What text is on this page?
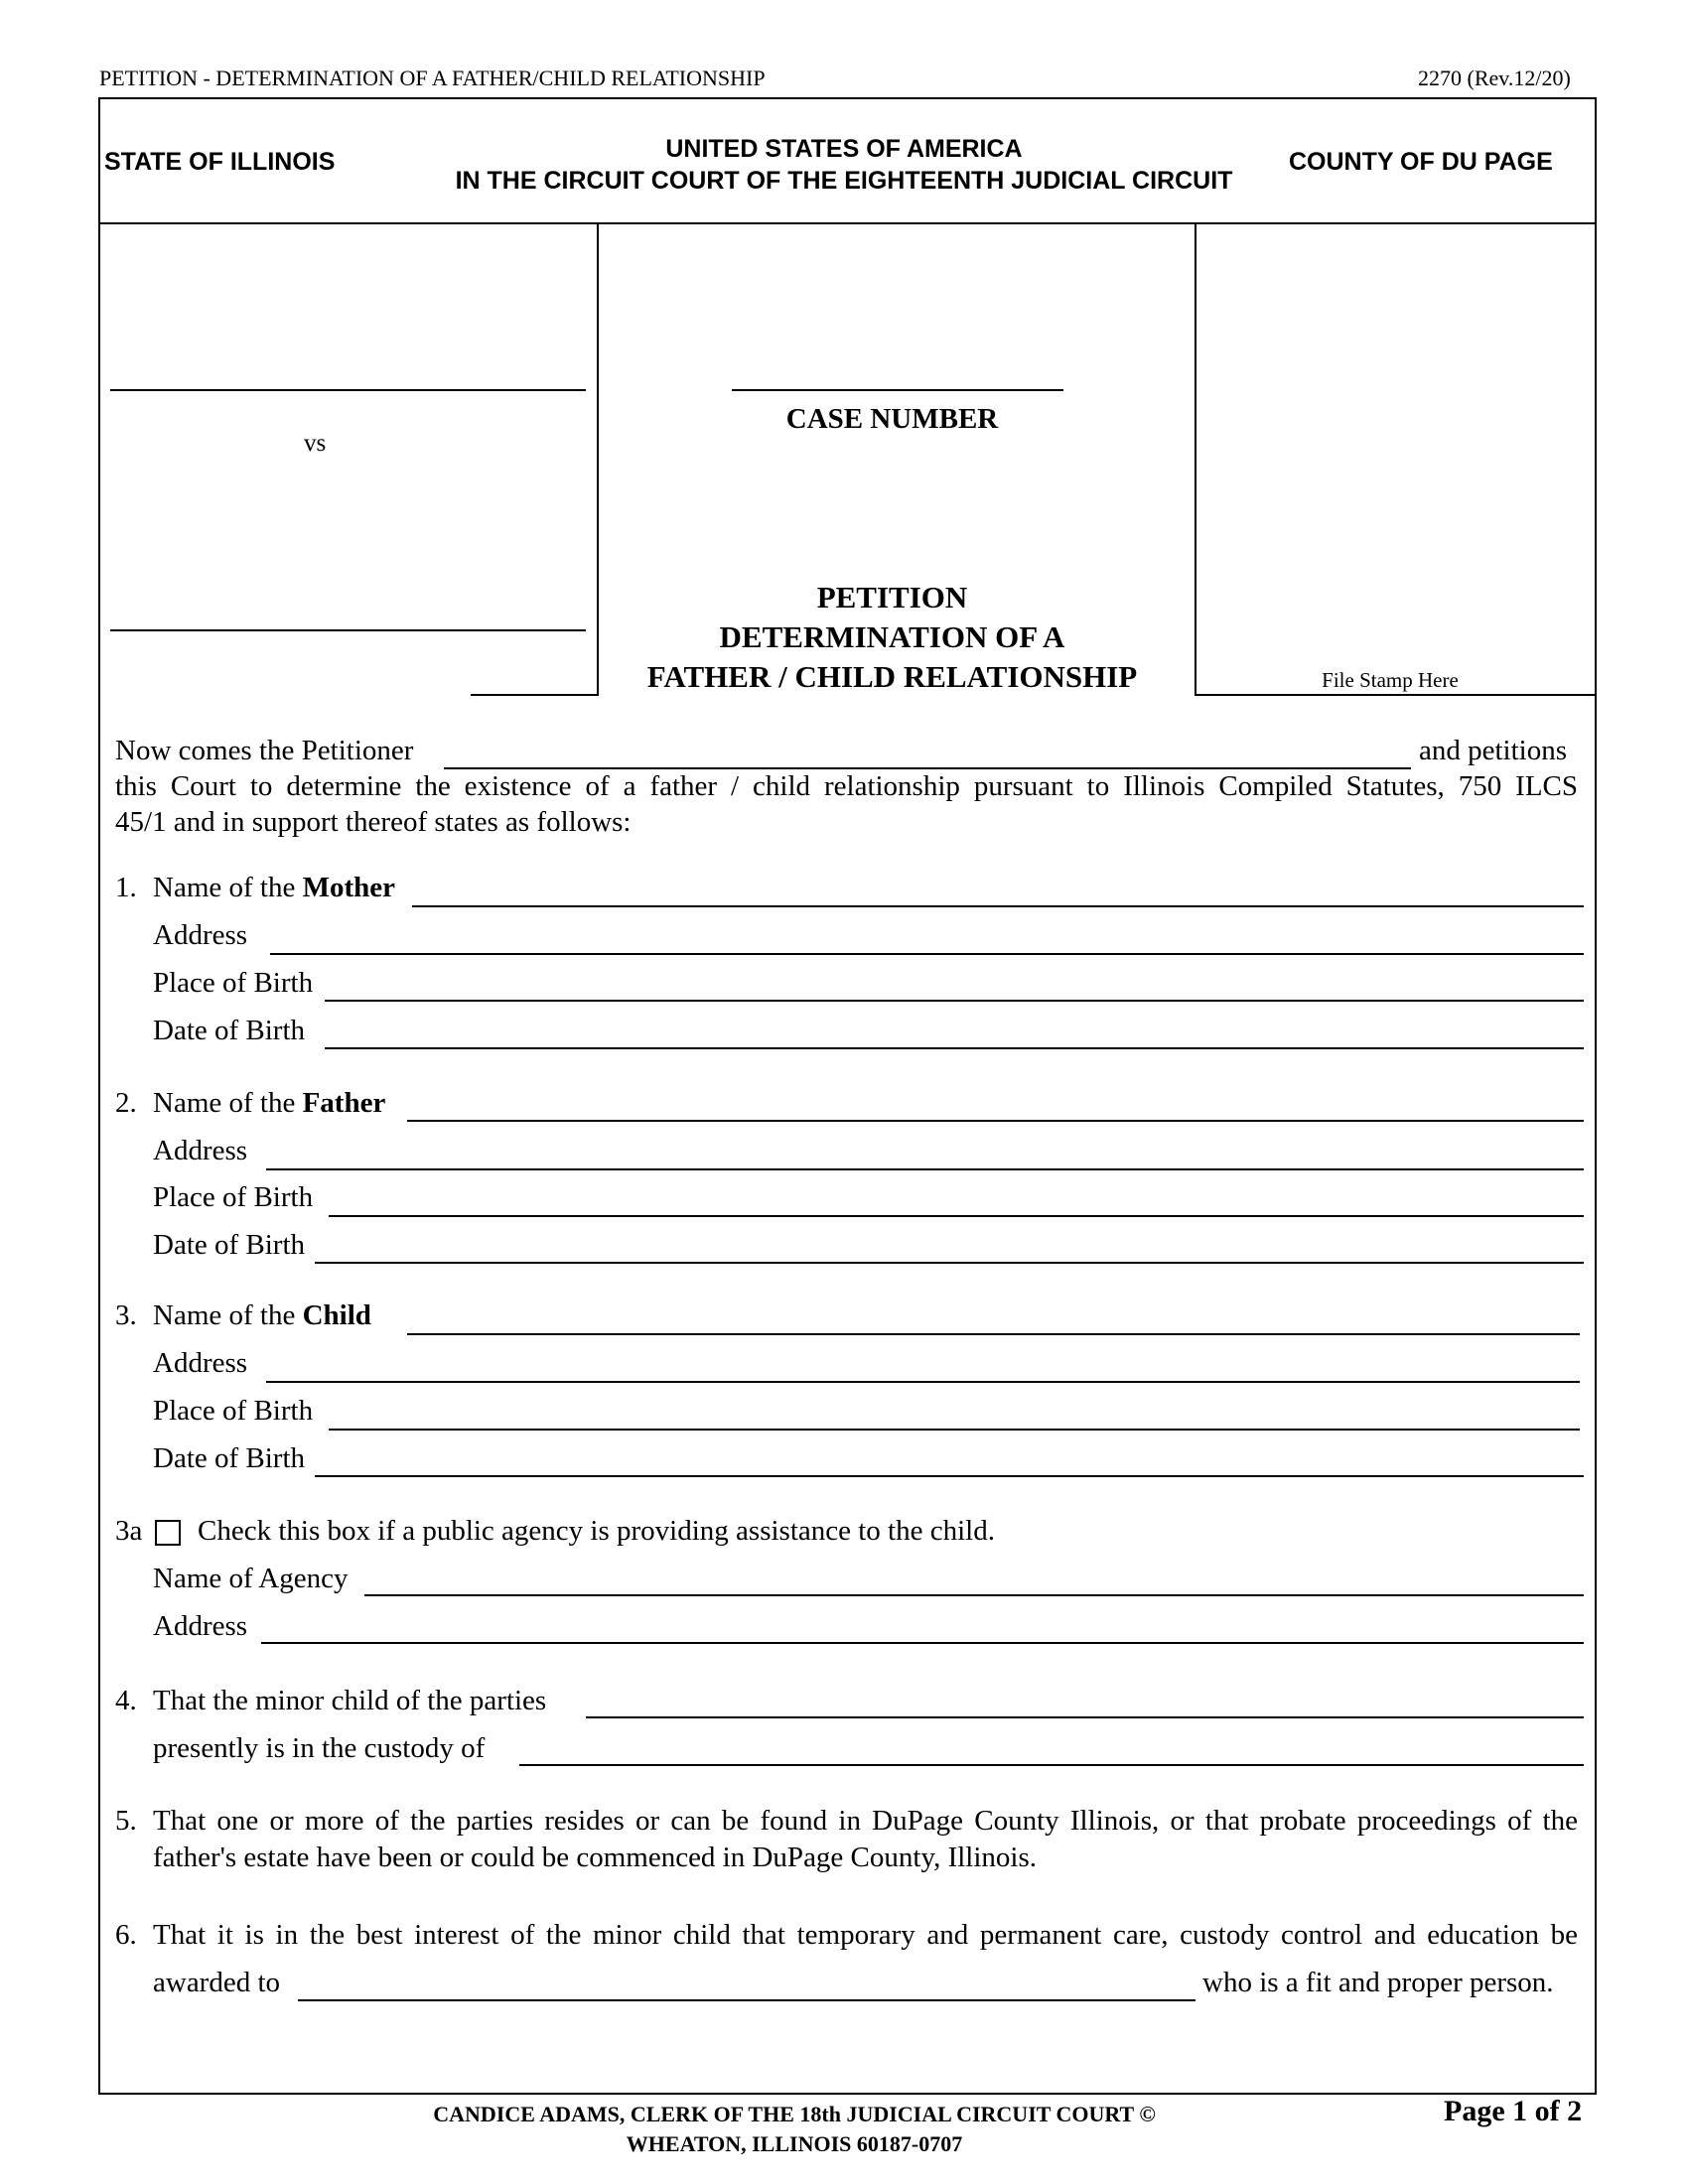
PETITION - DETERMINATION OF A FATHER/CHILD RELATIONSHIP	2270 (Rev.12/20)
STATE OF ILLINOIS	UNITED STATES OF AMERICA
IN THE CIRCUIT COURT OF THE EIGHTEENTH JUDICIAL CIRCUIT
COUNTY OF DU PAGE
vs
CASE NUMBER
PETITION
DETERMINATION OF A
FATHER / CHILD RELATIONSHIP	File Stamp Here
Now comes the Petitioner	and petitions
this Court to determine the existence of a father / child relationship pursuant to Illinois Compiled Statutes, 750 ILCS
45/1 and in support thereof states as follows:
1. Name of the Mother
Address
Place of Birth
Date of Birth
2. Name of the Father
Address
Place of Birth
Date of Birth
3. Name of the Child
Address
Place of Birth
Date of Birth
3a Check this box if a public agency is providing assistance to the child.
Name of Agency
Address
4. That the minor child of the parties
presently is in the custody of
5. That one or more of the parties resides or can be found in DuPage County Illinois, or that probate proceedings of the
father's estate have been or could be commenced in DuPage County, Illinois.
6. That it is in the best interest of the minor child that temporary and permanent care, custody control and education be
awarded to	who is a fit and proper person.
CANDICE ADAMS, CLERK OF THE 18th JUDICIAL CIRCUIT COURT ©
WHEATON, ILLINOIS 60187-0707
Page 1 of 2
